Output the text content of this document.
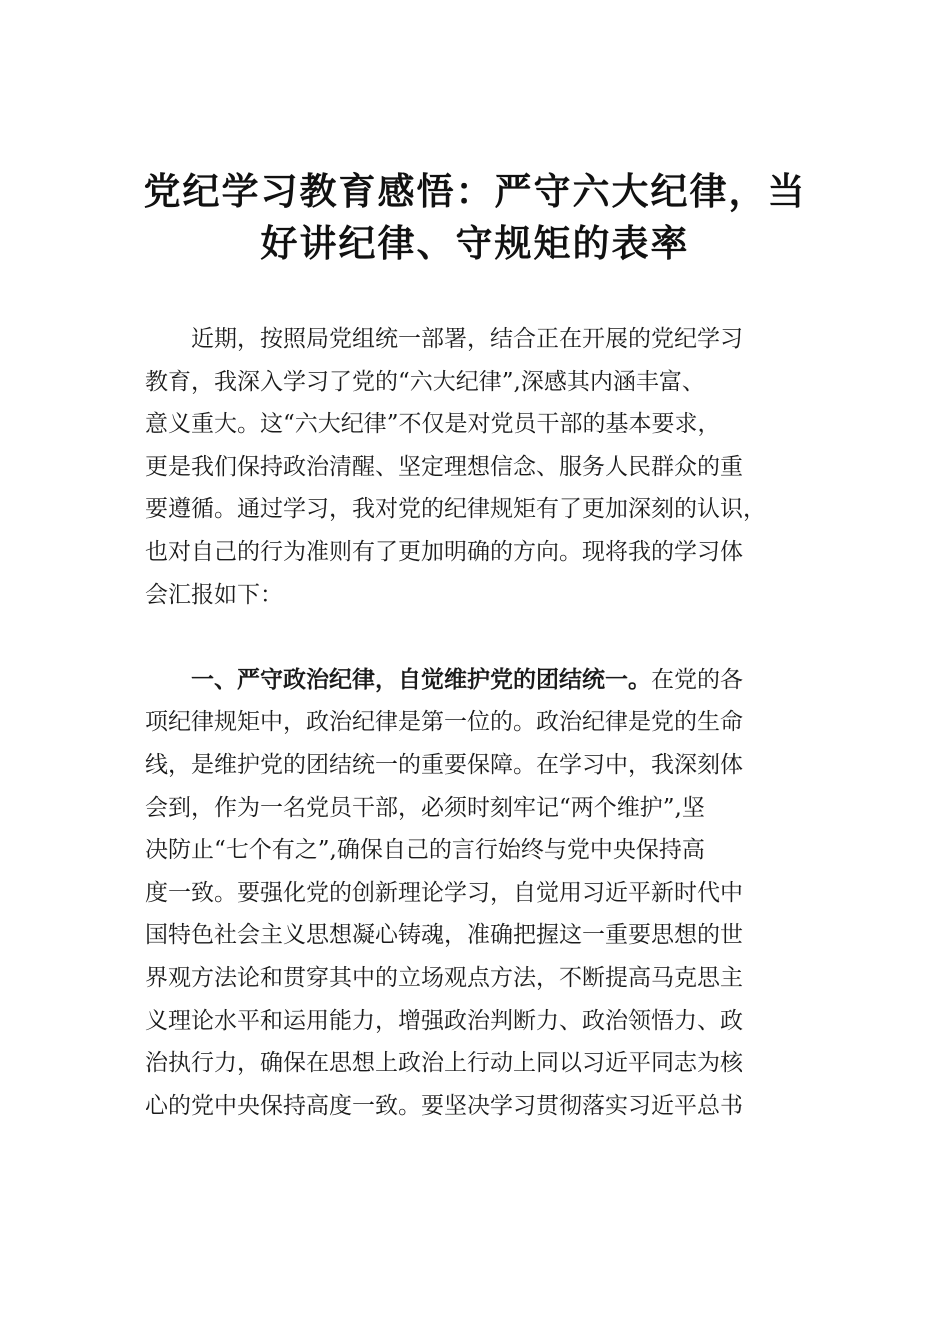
党纪学习教育感悟：严守六大纪律，当
好讲纪律、守规矩的表率
近期，按照局党组统一部署，结合正在开展的党纪学习
教育，我深入学习了党的“六大纪律”,深感其内涵丰富、
意义重大。这“六大纪律”不仅是对党员干部的基本要求，
更是我们保持政治清醒、坚定理想信念、服务人民群众的重
要遵循。通过学习，我对党的纪律规矩有了更加深刻的认识，
也对自己的行为准则有了更加明确的方向。现将我的学习体
会汇报如下：
一、严守政治纪律，自觉维护党的团结统一。在党的各
项纪律规矩中，政治纪律是第一位的。政治纪律是党的生命
线，是维护党的团结统一的重要保障。在学习中，我深刻体
会到，作为一名党员干部，必须时刻牢记“两个维护”,坚
决防止“七个有之”,确保自己的言行始终与党中央保持高
度一致。要强化党的创新理论学习，自觉用习近平新时代中
国特色社会主义思想凝心铸魂，准确把握这一重要思想的世
界观方法论和贯穿其中的立场观点方法，不断提高马克思主
义理论水平和运用能力，增强政治判断力、政治领悟力、政
治执行力，确保在思想上政治上行动上同以习近平同志为核
心的党中央保持高度一致。要坚决学习贯彻落实习近平总书
